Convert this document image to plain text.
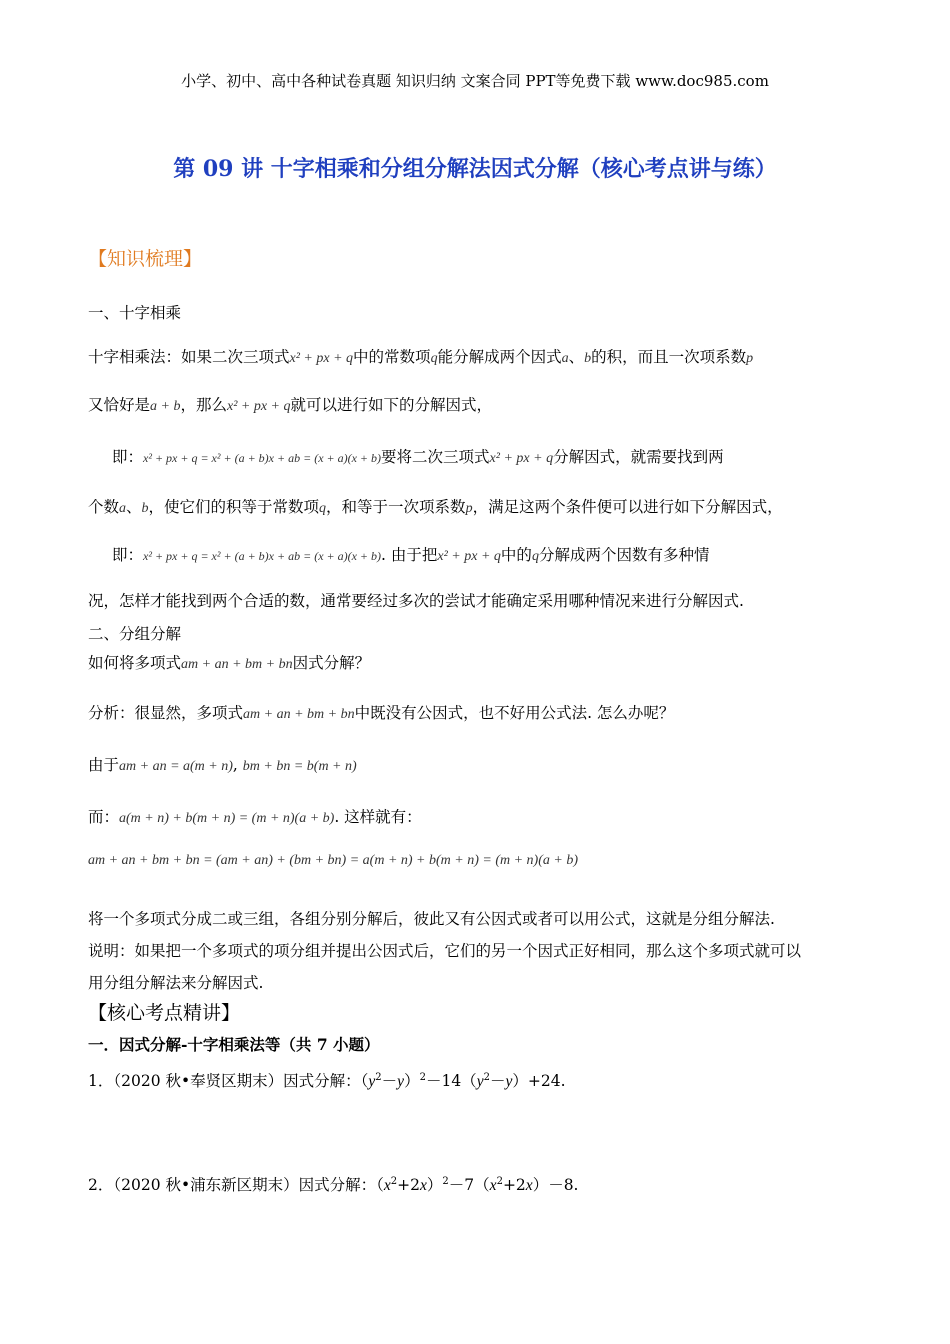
小学、初中、高中各种试卷真题 知识归纳 文案合同 PPT等免费下载 www.doc985.com
第 09 讲 十字相乘和分组分解法因式分解（核心考点讲与练）
【知识梳理】
一、十字相乘
十字相乘法：如果二次三项式x² + px + q中的常数项q能分解成两个因式a、b的积，而且一次项系数p
又恰好是a + b，那么x² + px + q就可以进行如下的分解因式，
即：x² + px + q = x² + (a + b)x + ab = (x + a)(x + b)要将二次三项式x² + px + q分解因式，就需要找到两
个数a、b，使它们的积等于常数项q，和等于一次项系数p，满足这两个条件便可以进行如下分解因式，
即：x² + px + q = x² + (a + b)x + ab = (x + a)(x + b). 由于把x² + px + q中的q分解成两个因数有多种情
况，怎样才能找到两个合适的数，通常要经过多次的尝试才能确定采用哪种情况来进行分解因式.
二、分组分解
如何将多项式am + an + bm + bn因式分解？
分析：很显然，多项式am + an + bm + bn中既没有公因式，也不好用公式法. 怎么办呢？
由于am + an = a(m + n), bm + bn = b(m + n)
而：a(m + n) + b(m + n) = (m + n)(a + b). 这样就有：
am + an + bm + bn = (am + an) + (bm + bn) = a(m + n) + b(m + n) = (m + n)(a + b)
将一个多项式分成二或三组，各组分别分解后，彼此又有公因式或者可以用公式，这就是分组分解法.
说明：如果把一个多项式的项分组并提出公因式后，它们的另一个因式正好相同，那么这个多项式就可以
用分组分解法来分解因式.
【核心考点精讲】
一．因式分解-十字相乘法等（共 7 小题）
1．（2020 秋•奉贤区期末）因式分解：$(y^2-y)^2-14(y^2-y)+24$.
2．（2020 秋•浦东新区期末）因式分解：$(x^2+2x)^2-7(x^2+2x)-8$.
